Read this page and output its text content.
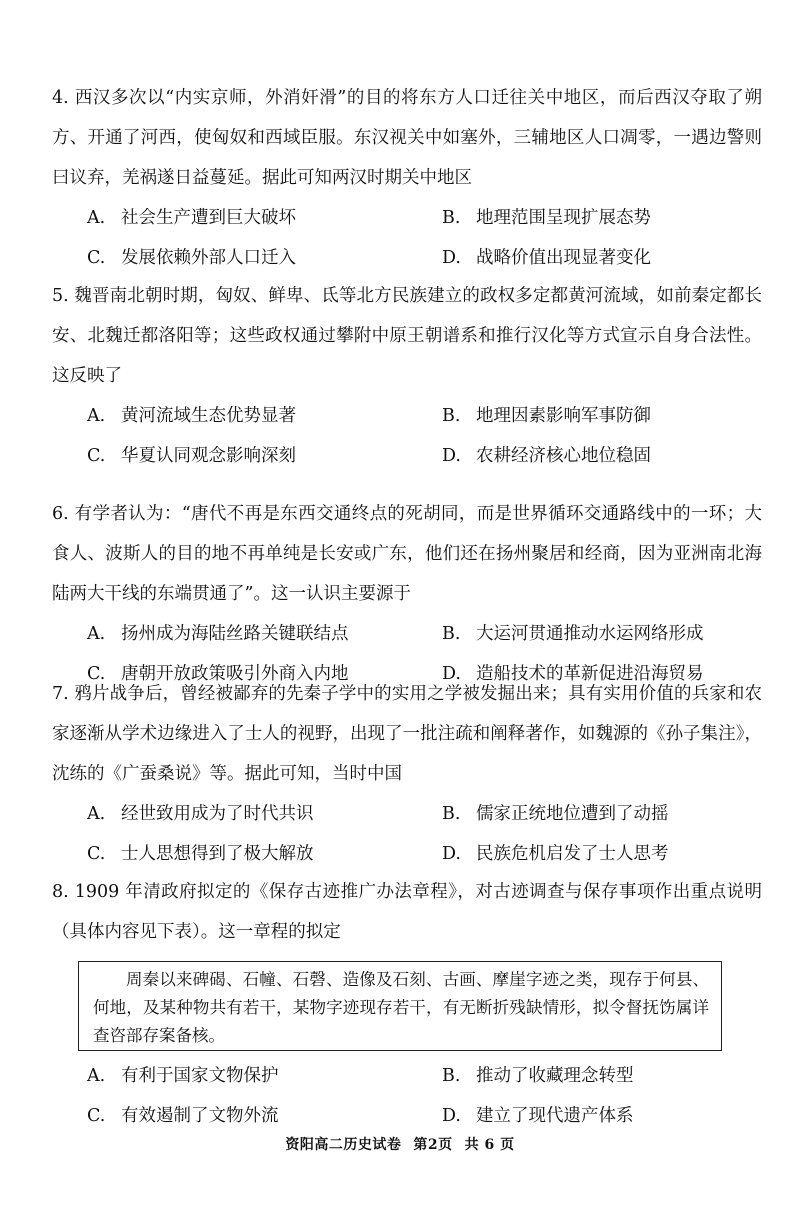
4. 西汉多次以“内实京师，外消奸滑”的目的将东方人口迁往关中地区，而后西汉夺取了朔方、开通了河西，使匈奴和西域臣服。东汉视关中如塞外，三辅地区人口凋零，一遇边警则曰议弃，羌祸遂日益蔓延。据此可知两汉时期关中地区

A. 社会生产遭到巨大破坏	B. 地理范围呈现扩展态势
C. 发展依赖外部人口迁入	D. 战略价值出现显著变化

5. 魏晋南北朝时期，匈奴、鲜卑、氐等北方民族建立的政权多定都黄河流域，如前秦定都长安、北魏迁都洛阳等；这些政权通过攀附中原王朝谱系和推行汉化等方式宣示自身合法性。这反映了

A. 黄河流域生态优势显著	B. 地理因素影响军事防御
C. 华夏认同观念影响深刻	D. 农耕经济核心地位稳固

6. 有学者认为：“唐代不再是东西交通终点的死胡同，而是世界循环交通路线中的一环；大食人、波斯人的目的地不再单纯是长安或广东，他们还在扬州聚居和经商，因为亚洲南北海陆两大干线的东端贯通了”。这一认识主要源于

A. 扬州成为海陆丝路关键联结点	B. 大运河贯通推动水运网络形成
C. 唐朝开放政策吸引外商入内地	D. 造船技术的革新促进沿海贸易

7. 鸦片战争后，曾经被鄙弃的先秦子学中的实用之学被发掘出来；具有实用价值的兵家和农家逐渐从学术边缘进入了士人的视野，出现了一批注疏和阐释著作，如魏源的《孙子集注》，沈练的《广蚕桑说》等。据此可知，当时中国

A. 经世致用成为了时代共识	B. 儒家正统地位遭到了动摇
C. 士人思想得到了极大解放	D. 民族危机启发了士人思考

8. 1909 年清政府拟定的《保存古迹推广办法章程》，对古迹调查与保存事项作出重点说明（具体内容见下表）。这一章程的拟定

周秦以来碑碣、石幢、石磬、造像及石刻、古画、摩崖字迹之类，现存于何县、何地，及某种物共有若干，某物字迹现存若干，有无断折残缺情形，拟令督抚饬属详查咨部存案备核。
A. 有利于国家文物保护	B. 推动了收藏理念转型
C. 有效遏制了文物外流	D. 建立了现代遗产体系
资阳高二历史试卷 第2页 共 6 页
